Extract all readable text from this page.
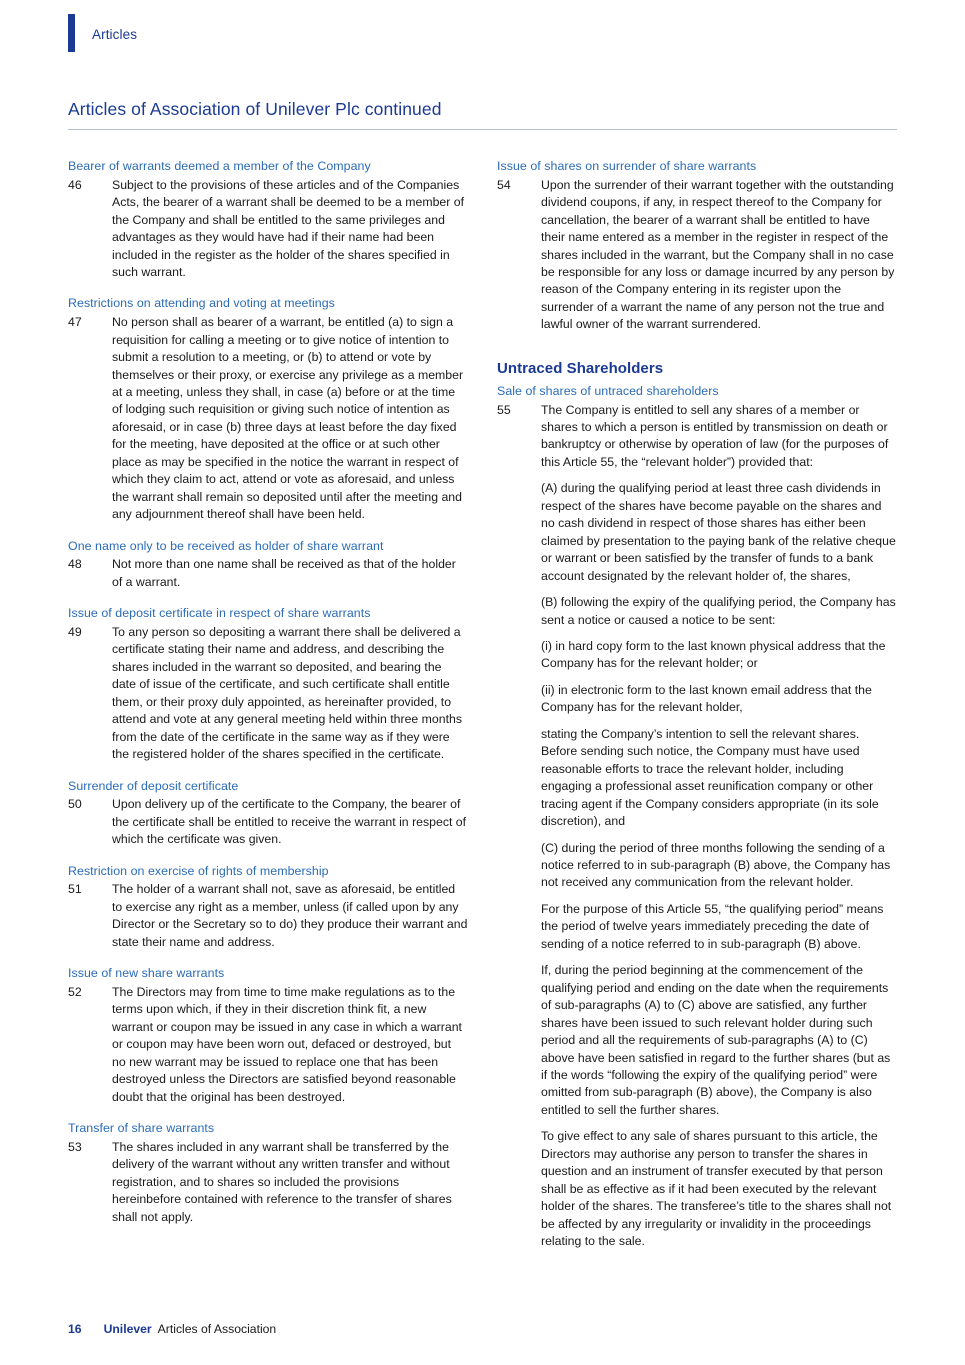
Articles
Articles of Association of Unilever Plc continued
Bearer of warrants deemed a member of the Company
46	Subject to the provisions of these articles and of the Companies Acts, the bearer of a warrant shall be deemed to be a member of the Company and shall be entitled to the same privileges and advantages as they would have had if their name had been included in the register as the holder of the shares specified in such warrant.

Restrictions on attending and voting at meetings
47	No person shall as bearer of a warrant, be entitled (a) to sign a requisition for calling a meeting or to give notice of intention to submit a resolution to a meeting, or (b) to attend or vote by themselves or their proxy, or exercise any privilege as a member at a meeting, unless they shall, in case (a) before or at the time of lodging such requisition or giving such notice of intention as aforesaid, or in case (b) three days at least before the day fixed for the meeting, have deposited at the office or at such other place as may be specified in the notice the warrant in respect of which they claim to act, attend or vote as aforesaid, and unless the warrant shall remain so deposited until after the meeting and any adjournment thereof shall have been held.

One name only to be received as holder of share warrant
48	Not more than one name shall be received as that of the holder of a warrant.

Issue of deposit certificate in respect of share warrants
49	To any person so depositing a warrant there shall be delivered a certificate stating their name and address, and describing the shares included in the warrant so deposited, and bearing the date of issue of the certificate, and such certificate shall entitle them, or their proxy duly appointed, as hereinafter provided, to attend and vote at any general meeting held within three months from the date of the certificate in the same way as if they were the registered holder of the shares specified in the certificate.

Surrender of deposit certificate
50	Upon delivery up of the certificate to the Company, the bearer of the certificate shall be entitled to receive the warrant in respect of which the certificate was given.

Restriction on exercise of rights of membership
51	The holder of a warrant shall not, save as aforesaid, be entitled to exercise any right as a member, unless (if called upon by any Director or the Secretary so to do) they produce their warrant and state their name and address.

Issue of new share warrants
52	The Directors may from time to time make regulations as to the terms upon which, if they in their discretion think fit, a new warrant or coupon may be issued in any case in which a warrant or coupon may have been worn out, defaced or destroyed, but no new warrant may be issued to replace one that has been destroyed unless the Directors are satisfied beyond reasonable doubt that the original has been destroyed.

Transfer of share warrants
53	The shares included in any warrant shall be transferred by the delivery of the warrant without any written transfer and without registration, and to shares so included the provisions hereinbefore contained with reference to the transfer of shares shall not apply.

Issue of shares on surrender of share warrants
54	Upon the surrender of their warrant together with the outstanding dividend coupons, if any, in respect thereof to the Company for cancellation, the bearer of a warrant shall be entitled to have their name entered as a member in the register in respect of the shares included in the warrant, but the Company shall in no case be responsible for any loss or damage incurred by any person by reason of the Company entering in its register upon the surrender of a warrant the name of any person not the true and lawful owner of the warrant surrendered.

Untraced Shareholders
Sale of shares of untraced shareholders
55	The Company is entitled to sell any shares of a member or shares to which a person is entitled by transmission on death or bankruptcy or otherwise by operation of law (for the purposes of this Article 55, the “relevant holder”) provided that:

(A) during the qualifying period at least three cash dividends in respect of the shares have become payable on the shares and no cash dividend in respect of those shares has either been claimed by presentation to the paying bank of the relative cheque or warrant or been satisfied by the transfer of funds to a bank account designated by the relevant holder of, the shares,

(B) following the expiry of the qualifying period, the Company has sent a notice or caused a notice to be sent:

(i) in hard copy form to the last known physical address that the Company has for the relevant holder; or

(ii) in electronic form to the last known email address that the Company has for the relevant holder,

stating the Company’s intention to sell the relevant shares. Before sending such notice, the Company must have used reasonable efforts to trace the relevant holder, including engaging a professional asset reunification company or other tracing agent if the Company considers appropriate (in its sole discretion), and

(C) during the period of three months following the sending of a notice referred to in sub-paragraph (B) above, the Company has not received any communication from the relevant holder.

For the purpose of this Article 55, “the qualifying period” means the period of twelve years immediately preceding the date of sending of a notice referred to in sub-paragraph (B) above.

If, during the period beginning at the commencement of the qualifying period and ending on the date when the requirements of sub-paragraphs (A) to (C) above are satisfied, any further shares have been issued to such relevant holder during such period and all the requirements of sub-paragraphs (A) to (C) above have been satisfied in regard to the further shares (but as if the words “following the expiry of the qualifying period” were omitted from sub-paragraph (B) above), the Company is also entitled to sell the further shares.

To give effect to any sale of shares pursuant to this article, the Directors may authorise any person to transfer the shares in question and an instrument of transfer executed by that person shall be as effective as if it had been executed by the relevant holder of the shares. The transferee’s title to the shares shall not be affected by any irregularity or invalidity in the proceedings relating to the sale.

16 Unilever Articles of Association
